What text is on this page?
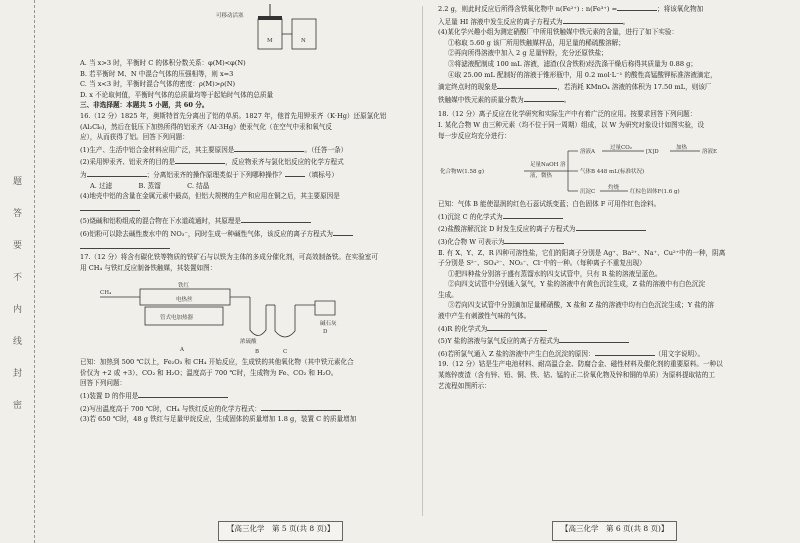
题
答
要
不
内
线
封
密
可移动活塞
M	N
A. 当 x>3 时，平衡时 C 的体积分数关系：φ(M)<φ(N)
B. 若平衡时 M、N 中混合气体的压强相等，则 x=3
C. 当 x<3 时，平衡时混合气体的密度：ρ(M)>ρ(N)
D. x 不论取何值，平衡时气体的总质量均等于起始时气体的总质量
三、非选择题：本题共 5 小题，共 60 分。
16.（12 分）1825 年，奥斯特首先分离出了铝的单质。1827 年，他首先用钾汞齐（K·Hg）还原氯化铝
(Al₂Cl₆)，然后在低压下加热所得的铝汞齐（Al·3Hg）使汞气化（在空气中汞和氧气反
应），从而获得了铝。回答下列问题：
(1)生产、生活中铝合金材料应用广泛，其主要原因是	。（任答一条）
(2)采用钾汞齐、铝汞齐的目的是	，反应物汞齐与氯化铝反应的化学方程式
为	；分离铝汞齐的操作原理类似于下列哪种操作？	（填标号）
A. 过滤　　　　B. 蒸馏　　　　C. 结晶
(4)地壳中铝的含量在金属元素中最高，但铝大规模的生产和应用在铜之后，其主要原因是
(5)烧碱和铝粉组成的混合物在下水道疏通时，其原理是
(6)铝粉可以除去碱性废水中的 NO₃⁻，同时生成一种碱性气体，该反应的离子方程式为
17.（12 分）将含有碳化铁等物质的铁矿石与以铁为主体的多成分催化剂，可高效制备铁。在实验室可
用 CH₄ 与铁红反应制备铁触媒，其装置如图：
CH₄
铁红
电热丝
管式电加热器
浓硫酸
碱石灰
A	B	C
D
已知：加热到 500 ℃以上，Fe₂O₃ 和 CH₄ 开始反应，生成铁的其他氧化物（其中铁元素化合
价仅为 +2 或 +3）、CO₂ 和 H₂O；温度高于 700 ℃时，生成物为 Fe、CO₂ 和 H₂O。
回答下列问题：
(1)装置 D 的作用是
(2)写出温度高于 700 ℃时，CH₄ 与铁红反应的化学方程式：
(3)若 650 ℃时，48 g 铁红与足量甲烷反应，生成固体的质量增加 1.8 g，装置 C 的质量增加
2.2 g，则此时反应后所得含铁氧化物中 n(Fe²⁺) : n(Fe³⁺) =	；将该氧化物加
入足量 HI 溶液中发生反应的离子方程式为	。
(4)某化学兴趣小组为测定硝酸厂中所用铁触媒中铁元素的含量，进行了如下实验：
①称取 5.60 g 该厂所用铁触媒样品，用足量的稀硫酸溶解；
②再向所得溶液中加入 2 g 足量锌粉，充分还原铁盐；
③将滤液配制成 100 mL 溶液，滤渣(仅含铁粉)经洗涤干燥后称得其质量为 0.88 g；
④取 25.00 mL 配制好的溶液于锥形瓶中，用 0.2 mol·L⁻¹ 的酸性高锰酸钾标准溶液滴定，
滴定终点时的现象是	，若消耗 KMnO₄ 溶液的体积为 17.50 mL，则该厂
铁触媒中铁元素的质量分数为	。
18.（12 分）离子反应在化学研究和实际生产中有着广泛的应用。按要求回答下列问题：
Ⅰ. 某化合物 W 由三种元素（均不位于同一周期）组成，以 W 为研究对象设计如图实验，设
每一步反应均充分进行：
化合物W(1.58 g)
足量NaOH 溶液，微热
溶液A
过量CO₂
[X]D
加热
溶液E
气体B 448 mL(标准状况)
沉淀C
灼烧
红棕色固体F(1.6 g)
已知：气体 B 能使湿润的红色石蕊试纸变蓝；白色固体 F 可用作红色涂料。
(1)沉淀 C 的化学式为
(2)盐酸溶解沉淀 D 时发生反应的离子方程式为
(3)化合物 W 可表示为
Ⅱ. 有 X、Y、Z、R 四种可溶性盐，它们的阳离子分别是 Ag⁺、Ba²⁺、Na⁺、Cu²⁺中的一种，阴离
子分别是 S²⁻、SO₄²⁻、NO₃⁻、Cl⁻中的一种。（每种离子不重复出现）
①把四种盐分别溶于盛有蒸馏水的四支试管中，只有 R 盐的溶液呈蓝色。
②向四支试管中分别通入氯气，Y 盐的溶液中有黄色沉淀生成，Z 盐的溶液中有白色沉淀
生成。
③若向四支试管中分别滴加足量稀硝酸，X 盐和 Z 盐的溶液中均有白色沉淀生成；Y 盐的溶
液中产生有刺激性气味的气体。
(4)R 的化学式为
(5)Y 盐的溶液与氯气反应的离子方程式为
(6)若所氯气通入 Z 盐的溶液中产生白色沉淀的原因：	（用文字说明）。
19.（12 分）钴是生产电池材料、耐高温合金、防腐合金、磁性材料及催化剂的重要原料。一种以
某炼锌废渣（含有锌、铅、铜、铁、钴、锰的正二价氧化物及锌和铜的单质）为原料提取钴的工
艺流程如图所示：
【高三化学　第 5 页(共 8 页)】	【高三化学　第 6 页(共 8 页)】
